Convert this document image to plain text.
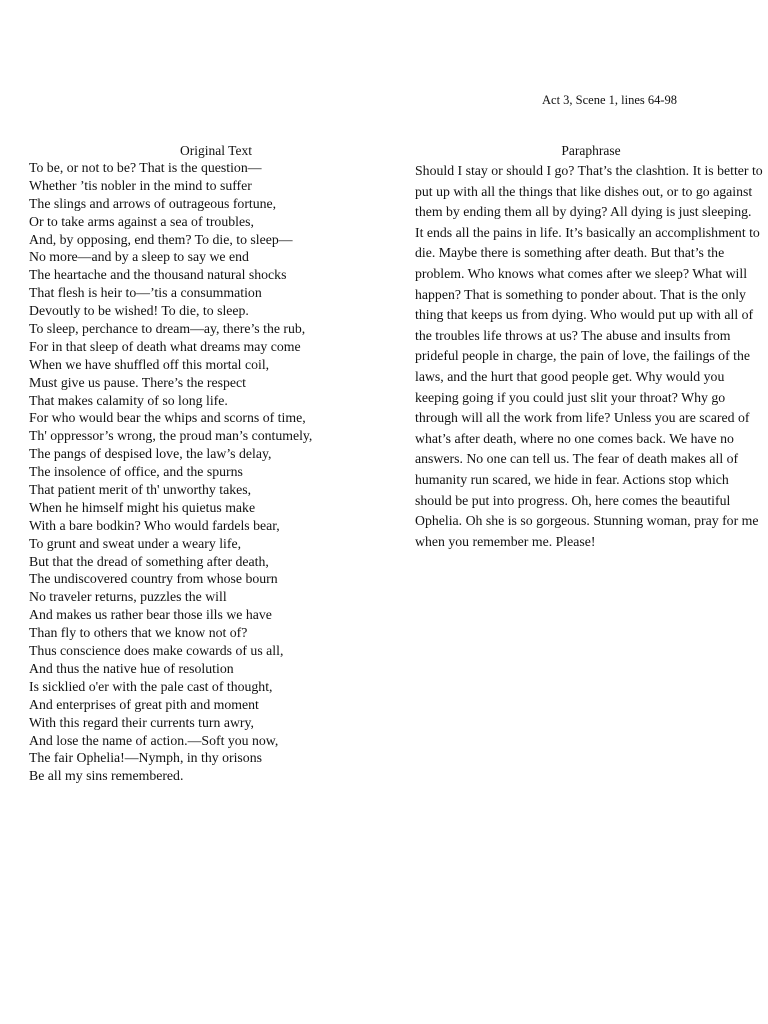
Act 3, Scene 1, lines 64-98
Original Text
To be, or not to be? That is the question—
Whether ’tis nobler in the mind to suffer
The slings and arrows of outrageous fortune,
Or to take arms against a sea of troubles,
And, by opposing, end them? To die, to sleep—
No more—and by a sleep to say we end
The heartache and the thousand natural shocks
That flesh is heir to—’tis a consummation
Devoutly to be wished! To die, to sleep.
To sleep, perchance to dream—ay, there’s the rub,
For in that sleep of death what dreams may come
When we have shuffled off this mortal coil,
Must give us pause. There’s the respect
That makes calamity of so long life.
For who would bear the whips and scorns of time,
Th' oppressor’s wrong, the proud man’s contumely,
The pangs of despised love, the law’s delay,
The insolence of office, and the spurns
That patient merit of th' unworthy takes,
When he himself might his quietus make
With a bare bodkin? Who would fardels bear,
To grunt and sweat under a weary life,
But that the dread of something after death,
The undiscovered country from whose bourn
No traveler returns, puzzles the will
And makes us rather bear those ills we have
Than fly to others that we know not of?
Thus conscience does make cowards of us all,
And thus the native hue of resolution
Is sicklied o'er with the pale cast of thought,
And enterprises of great pith and moment
With this regard their currents turn awry,
And lose the name of action.—Soft you now,
The fair Ophelia!—Nymph, in thy orisons
Be all my sins remembered.
Paraphrase

Should I stay or should I go? That’s the clashtion. It is better to put up with all the things that like dishes out, or to go against them by ending them all by dying? All dying is just sleeping. It ends all the pains in life. It’s basically an accomplishment to die. Maybe there is something after death. But that’s the problem. Who knows what comes after we sleep? What will happen? That is something to ponder about. That is the only thing that keeps us from dying. Who would put up with all of the troubles life throws at us? The abuse and insults from prideful people in charge, the pain of love, the failings of the laws, and the hurt that good people get. Why would you keeping going if you could just slit your throat? Why go through will all the work from life? Unless you are scared of what’s after death, where no one comes back. We have no answers. No one can tell us. The fear of death makes all of humanity run scared, we hide in fear. Actions stop which should be put into progress. Oh, here comes the beautiful Ophelia. Oh she is so gorgeous. Stunning woman, pray for me when you remember me. Please!
